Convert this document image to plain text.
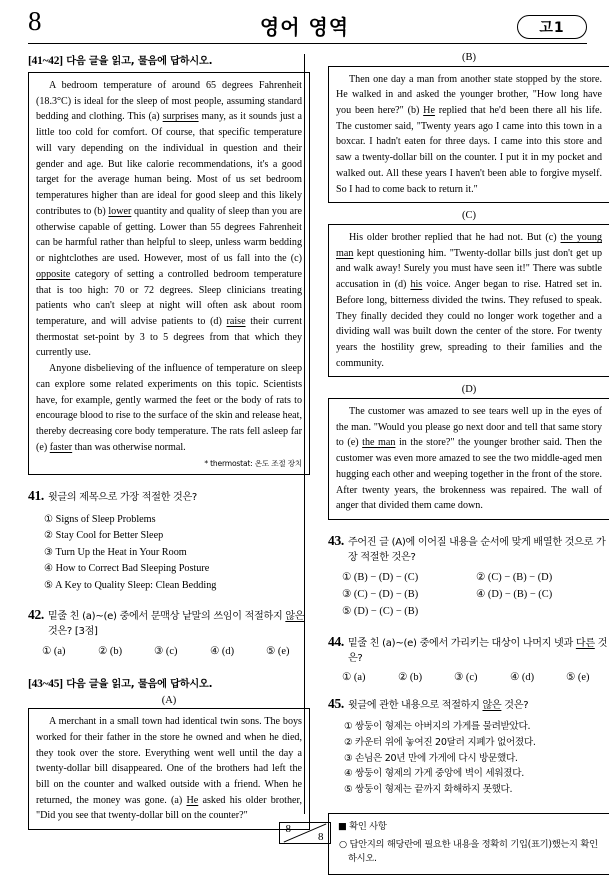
8	영어 영역	고1
[41~42] 다음 글을 읽고, 물음에 답하시오.

A bedroom temperature of around 65 degrees Fahrenheit (18.3°C) is ideal for the sleep of most people, assuming standard bedding and clothing. This (a) surprises many, as it sounds just a little too cold for comfort. Of course, that specific temperature will vary depending on the individual in question and their gender and age. But like calorie recommendations, it's a good target for the average human being. Most of us set bedroom temperatures higher than are ideal for good sleep and this likely contributes to (b) lower quantity and quality of sleep than you are otherwise capable of getting. Lower than 55 degrees Fahrenheit can be harmful rather than helpful to sleep, unless warm bedding or nightclothes are used. However, most of us fall into the (c) opposite category of setting a controlled bedroom temperature that is too high: 70 or 72 degrees. Sleep clinicians treating patients who can't sleep at night will often ask about room temperature, and will advise patients to (d) raise their current thermostat set-point by 3 to 5 degrees from that which they currently use.

Anyone disbelieving of the influence of temperature on sleep can explore some related experiments on this topic. Scientists have, for example, gently warmed the feet or the body of rats to encourage blood to rise to the surface of the skin and release heat, thereby decreasing core body temperature. The rats fell asleep far (e) faster than was otherwise normal.

* thermostat: 온도 조절 장치
41. 윗글의 제목으로 가장 적절한 것은?
① Signs of Sleep Problems
② Stay Cool for Better Sleep
③ Turn Up the Heat in Your Room
④ How to Correct Bad Sleeping Posture
⑤ A Key to Quality Sleep: Clean Bedding
42. 밑줄 친 (a)~(e) 중에서 문맥상 낱말의 쓰임이 적절하지 않은 것은? [3점]
① (a)	② (b)	③ (c)	④ (d)	⑤ (e)
[43~45] 다음 글을 읽고, 물음에 답하시오.
(A)

A merchant in a small town had identical twin sons. The boys worked for their father in the store he owned and when he died, they took over the store. Everything went well until the day a twenty-dollar bill disappeared. One of the brothers had left the bill on the counter and walked outside with a friend. When he returned, the money was gone. (a) He asked his older brother, "Did you see that twenty-dollar bill on the counter?"

(B)

Then one day a man from another state stopped by the store. He walked in and asked the younger brother, "How long have you been here?" (b) He replied that he'd been there all his life. The customer said, "Twenty years ago I came into this town in a boxcar. I hadn't eaten for three days. I came into this store and saw a twenty-dollar bill on the counter. I put it in my pocket and walked out. All these years I haven't been able to forgive myself. So I had to come back to return it."

(C)

His older brother replied that he had not. But (c) the young man kept questioning him. "Twenty-dollar bills just don't get up and walk away! Surely you must have seen it!" There was subtle accusation in (d) his voice. Anger began to rise. Hatred set in. Before long, bitterness divided the twins. They refused to speak. They finally decided they could no longer work together and a dividing wall was built down the center of the store. For twenty years the hostility grew, spreading to their families and the community.

(D)

The customer was amazed to see tears well up in the eyes of the man. "Would you please go next door and tell that same story to (e) the man in the store?" the younger brother said. Then the customer was even more amazed to see the two middle-aged men hugging each other and weeping together in the front of the store. After twenty years, the brokenness was repaired. The wall of anger that divided them came down.

43. 주어진 글 (A)에 이어질 내용을 순서에 맞게 배열한 것으로 가장 적절한 것은?
① (B) − (D) − (C)	② (C) − (B) − (D)
③ (C) − (D) − (B)	④ (D) − (B) − (C)
⑤ (D) − (C) − (B)
44. 밑줄 친 (a)~(e) 중에서 가리키는 대상이 나머지 넷과 다른 것은?
① (a)	② (b)	③ (c)	④ (d)	⑤ (e)
45. 윗글에 관한 내용으로 적절하지 않은 것은?
① 쌍둥이 형제는 아버지의 가게를 물려받았다.
② 카운터 위에 놓여진 20달러 지폐가 없어졌다.
③ 손님은 20년 만에 가게에 다시 방문했다.
④ 쌍둥이 형제의 가게 중앙에 벽이 세워졌다.
⑤ 쌍둥이 형제는 끝까지 화해하지 못했다.
■ 확인 사항
○ 답안지의 해당란에 필요한 내용을 정확히 기입(표기)했는지 확인
하시오.
8
8
